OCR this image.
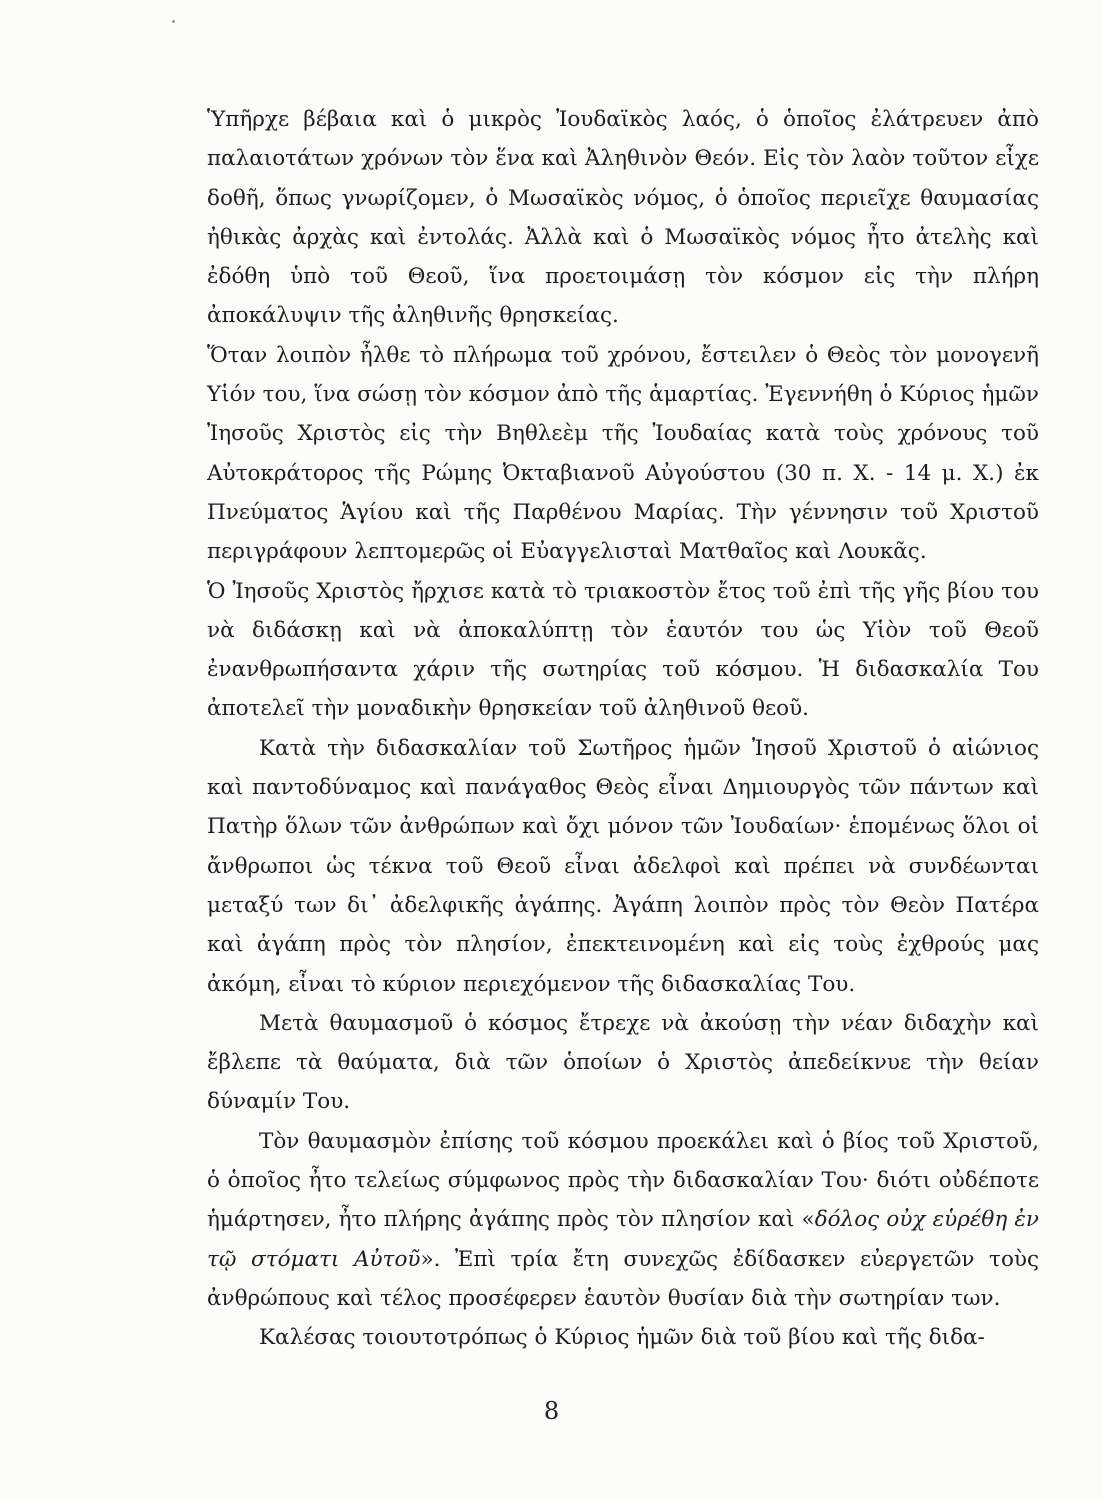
Ὑπῆρχε βέβαια καὶ ὁ μικρὸς Ἰουδαϊκὸς λαός, ὁ ὁποῖος ἐλάτρευεν ἀπὸ παλαιοτάτων χρόνων τὸν ἕνα καὶ Ἀληθινὸν Θεόν. Εἰς τὸν λαὸν τοῦτον εἶχε δοθῆ, ὅπως γνωρίζομεν, ὁ Μωσαϊκὸς νόμος, ὁ ὁποῖος περιεῖχε θαυμασίας ἠθικὰς ἀρχὰς καὶ ἐντολάς. Ἀλλὰ καὶ ὁ Μωσαϊκὸς νόμος ἦτο ἀτελὴς καὶ ἐδόθη ὑπὸ τοῦ Θεοῦ, ἵνα προετοιμάσῃ τὸν κόσμον εἰς τὴν πλήρη ἀποκάλυψιν τῆς ἀληθινῆς θρησκείας.

Ὅταν λοιπὸν ἦλθε τὸ πλήρωμα τοῦ χρόνου, ἔστειλεν ὁ Θεὸς τὸν μονογενῆ Υἱόν του, ἵνα σώσῃ τὸν κόσμον ἀπὸ τῆς ἁμαρτίας. Ἐγεννήθη ὁ Κύριος ἡμῶν Ἰησοῦς Χριστὸς εἰς τὴν Βηθλεὲμ τῆς Ἰουδαίας κατὰ τοὺς χρόνους τοῦ Αὐτοκράτορος τῆς Ρώμης Ὀκταβιανοῦ Αὐγούστου (30 π. Χ. - 14 μ. Χ.) ἐκ Πνεύματος Ἁγίου καὶ τῆς Παρθένου Μαρίας. Τὴν γέννησιν τοῦ Χριστοῦ περιγράφουν λεπτομερῶς οἱ Εὐαγγελισταὶ Ματθαῖος καὶ Λουκᾶς.

Ὁ Ἰησοῦς Χριστὸς ἤρχισε κατὰ τὸ τριακοστὸν ἔτος τοῦ ἐπὶ τῆς γῆς βίου του νὰ διδάσκῃ καὶ νὰ ἀποκαλύπτῃ τὸν ἑαυτόν του ὡς Υἱὸν τοῦ Θεοῦ ἐνανθρωπήσαντα χάριν τῆς σωτηρίας τοῦ κόσμου. Ἡ διδασκαλία Του ἀποτελεῖ τὴν μοναδικὴν θρησκείαν τοῦ ἀληθινοῦ θεοῦ.

Κατὰ τὴν διδασκαλίαν τοῦ Σωτῆρος ἡμῶν Ἰησοῦ Χριστοῦ ὁ αἰώνιος καὶ παντοδύναμος καὶ πανάγαθος Θεὸς εἶναι Δημιουργὸς τῶν πάντων καὶ Πατὴρ ὅλων τῶν ἀνθρώπων καὶ ὄχι μόνον τῶν Ἰουδαίων· ἑπομένως ὅλοι οἱ ἄνθρωποι ὡς τέκνα τοῦ Θεοῦ εἶναι ἀδελφοὶ καὶ πρέπει νὰ συνδέωνται μεταξύ των δι᾽ ἀδελφικῆς ἀγάπης. Ἀγάπη λοιπὸν πρὸς τὸν Θεὸν Πατέρα καὶ ἀγάπη πρὸς τὸν πλησίον, ἐπεκτεινομένη καὶ εἰς τοὺς ἐχθρούς μας ἀκόμη, εἶναι τὸ κύριον περιεχόμενον τῆς διδασκαλίας Του.

Μετὰ θαυμασμοῦ ὁ κόσμος ἔτρεχε νὰ ἀκούσῃ τὴν νέαν διδαχὴν καὶ ἔβλεπε τὰ θαύματα, διὰ τῶν ὁποίων ὁ Χριστὸς ἀπεδείκνυε τὴν θείαν δύναμίν Του.

Τὸν θαυμασμὸν ἐπίσης τοῦ κόσμου προεκάλει καὶ ὁ βίος τοῦ Χριστοῦ, ὁ ὁποῖος ἦτο τελείως σύμφωνος πρὸς τὴν διδασκαλίαν Του· διότι οὐδέποτε ἡμάρτησεν, ἦτο πλήρης ἀγάπης πρὸς τὸν πλησίον καὶ «δόλος οὐχ εὑρέθη ἐν τῷ στόματι Αὐτοῦ». Ἐπὶ τρία ἔτη συνεχῶς ἐδίδασκεν εὐεργετῶν τοὺς ἀνθρώπους καὶ τέλος προσέφερεν ἑαυτὸν θυσίαν διὰ τὴν σωτηρίαν των.

Καλέσας τοιουτοτρόπως ὁ Κύριος ἡμῶν διὰ τοῦ βίου καὶ τῆς διδα-

8
